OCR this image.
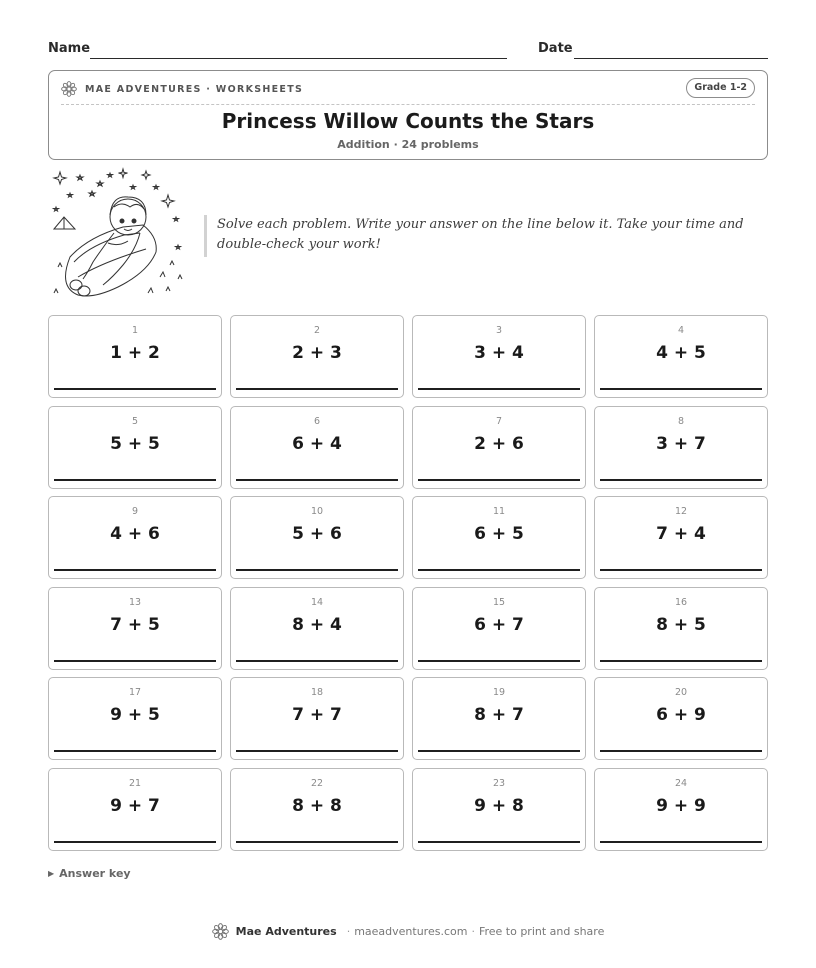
Name	Date
MAE ADVENTURES · WORKSHEETS	Grade 1-2
Princess Willow Counts the Stars
Addition · 24 problems

Solve each problem. Write your answer on the line below it. Take your time and double-check your work!

1
1 + 2
2
2 + 3
3
3 + 4
4
4 + 5
5
5 + 5
6
6 + 4
7
2 + 6
8
3 + 7
9
4 + 6
10
5 + 6
11
6 + 5
12
7 + 4
13
7 + 5
14
8 + 4
15
6 + 7
16
8 + 5
17
9 + 5
18
7 + 7
19
8 + 7
20
6 + 9
21
9 + 7
22
8 + 8
23
9 + 8
24
9 + 9
▶ Answer key
Mae Adventures · maeadventures.com · Free to print and share
